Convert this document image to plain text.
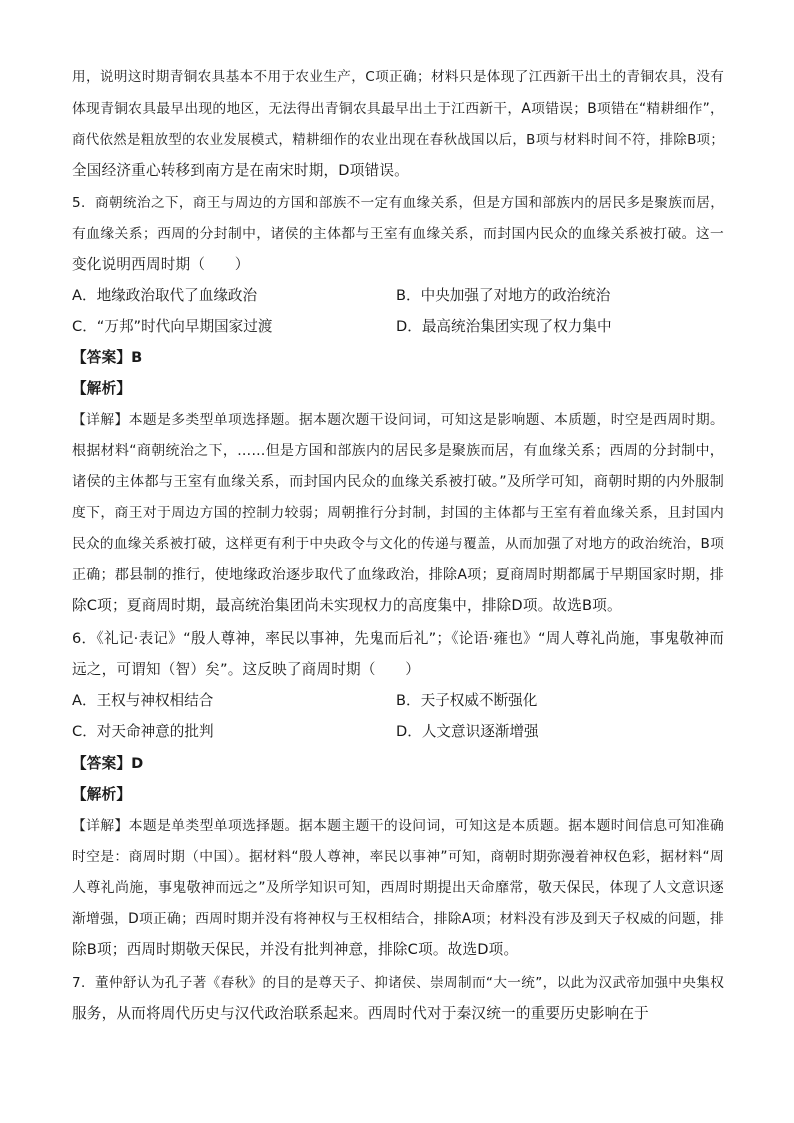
用，说明这时期青铜农具基本不用于农业生产，C项正确；材料只是体现了江西新干出土的青铜农具，没有
体现青铜农具最早出现的地区，无法得出青铜农具最早出土于江西新干，A项错误；B项错在“精耕细作”，
商代依然是粗放型的农业发展模式，精耕细作的农业出现在春秋战国以后，B项与材料时间不符，排除B项；
全国经济重心转移到南方是在南宋时期，D项错误。
5．商朝统治之下，商王与周边的方国和部族不一定有血缘关系，但是方国和部族内的居民多是聚族而居，
有血缘关系；西周的分封制中，诸侯的主体都与王室有血缘关系，而封国内民众的血缘关系被打破。这一
变化说明西周时期（　　）
A．地缘政治取代了血缘政治	B．中央加强了对地方的政治统治
C．“万邦”时代向早期国家过渡	D．最高统治集团实现了权力集中
【答案】B
【解析】
【详解】本题是多类型单项选择题。据本题次题干设问词，可知这是影响题、本质题，时空是西周时期。
根据材料“商朝统治之下，……但是方国和部族内的居民多是聚族而居，有血缘关系；西周的分封制中，
诸侯的主体都与王室有血缘关系，而封国内民众的血缘关系被打破。”及所学可知，商朝时期的内外服制
度下，商王对于周边方国的控制力较弱；周朝推行分封制，封国的主体都与王室有着血缘关系，且封国内
民众的血缘关系被打破，这样更有利于中央政令与文化的传递与覆盖，从而加强了对地方的政治统治，B项
正确；郡县制的推行，使地缘政治逐步取代了血缘政治，排除A项；夏商周时期都属于早期国家时期，排
除C项；夏商周时期，最高统治集团尚未实现权力的高度集中，排除D项。故选B项。
6．《礼记·表记》“殷人尊神，率民以事神，先鬼而后礼”；《论语·雍也》“周人尊礼尚施，事鬼敬神而
远之，可谓知（智）矣”。这反映了商周时期（　　）
A．王权与神权相结合	B．天子权威不断强化
C．对天命神意的批判	D．人文意识逐渐增强
【答案】D
【解析】
【详解】本题是单类型单项选择题。据本题主题干的设问词，可知这是本质题。据本题时间信息可知准确
时空是：商周时期（中国）。据材料“殷人尊神，率民以事神”可知，商朝时期弥漫着神权色彩，据材料“周
人尊礼尚施，事鬼敬神而远之”及所学知识可知，西周时期提出天命靡常，敬天保民，体现了人文意识逐
渐增强，D项正确；西周时期并没有将神权与王权相结合，排除A项；材料没有涉及到天子权威的问题，排
除B项；西周时期敬天保民，并没有批判神意，排除C项。故选D项。
7．董仲舒认为孔子著《春秋》的目的是尊天子、抑诸侯、崇周制而“大一统”，以此为汉武帝加强中央集权
服务，从而将周代历史与汉代政治联系起来。西周时代对于秦汉统一的重要历史影响在于
